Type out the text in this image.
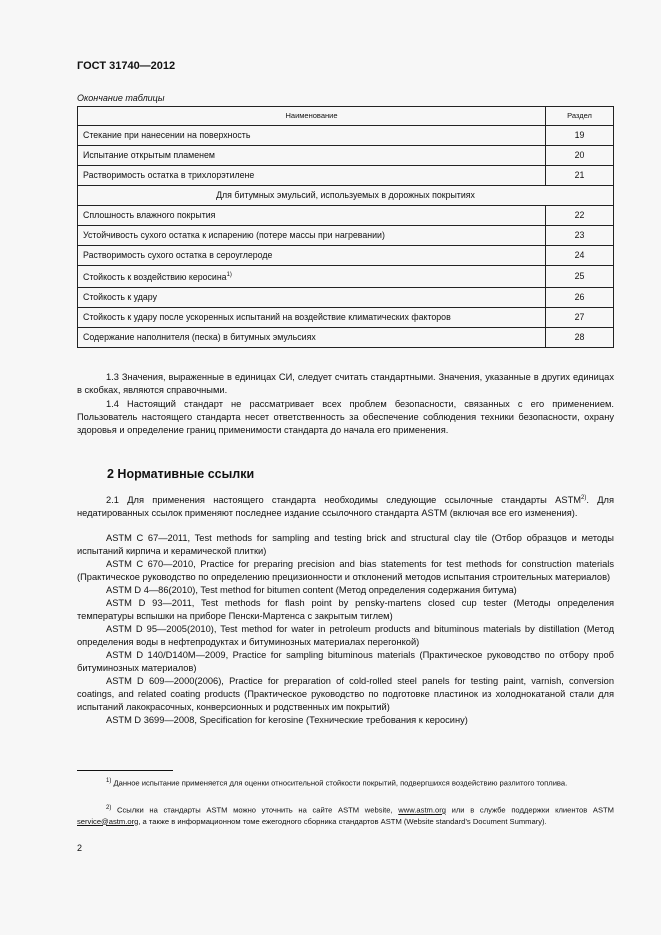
ГОСТ 31740—2012
Окончание таблицы
Наименование	Раздел
Стекание при нанесении на поверхность	19
Испытание открытым пламенем	20
Растворимость остатка в трихлорэтилене	21
Для битумных эмульсий, используемых в дорожных покрытиях	
Сплошность влажного покрытия	22
Устойчивость сухого остатка к испарению (потере массы при нагревании)	23
Растворимость сухого остатка в сероуглероде	24
Стойкость к воздействию керосина$^{1)}$	25
Стойкость к удару	26
Стойкость к удару после ускоренных испытаний на воздействие климатических факторов	27
Содержание наполнителя (песка) в битумных эмульсиях	28
1.3 Значения, выраженные в единицах СИ, следует считать стандартными. Значения, указанные в других единицах в скобках, являются справочными.
1.4 Настоящий стандарт не рассматривает всех проблем безопасности, связанных с его применением. Пользователь настоящего стандарта несет ответственность за обеспечение соблюдения техники безопасности, охрану здоровья и определение границ применимости стандарта до начала его применения.
2 Нормативные ссылки
2.1 Для применения настоящего стандарта необходимы следующие ссылочные стандарты ASTM$^{2)}$. Для недатированных ссылок применяют последнее издание ссылочного стандарта ASTM (включая все его изменения).
ASTM C 67—2011, Test methods for sampling and testing brick and structural clay tile (Отбор образцов и методы испытаний кирпича и керамической плитки)
ASTM C 670—2010, Practice for preparing precision and bias statements for test methods for construction materials (Практическое руководство по определению прецизионности и отклонений методов испытания строительных материалов)
ASTM D 4—86(2010), Test method for bitumen content (Метод определения содержания битума)
ASTM D 93—2011, Test methods for flash point by pensky-martens closed cup tester (Методы определения температуры вспышки на приборе Пенски-Мартенса с закрытым тиглем)
ASTM D 95—2005(2010), Test method for water in petroleum products and bituminous materials by distillation (Метод определения воды в нефтепродуктах и битуминозных материалах перегонкой)
ASTM D 140/D140M—2009, Practice for sampling bituminous materials (Практическое руководство по отбору проб битуминозных материалов)
ASTM D 609—2000(2006), Practice for preparation of cold-rolled steel panels for testing paint, varnish, conversion coatings, and related coating products (Практическое руководство по подготовке пластинок из холоднокатаной стали для испытаний лакокрасочных, конверсионных и родственных им покрытий)
ASTM D 3699—2008, Specification for kerosine (Технические требования к керосину)
$^{1)}$ Данное испытание применяется для оценки относительной стойкости покрытий, подвергшихся воздействию разлитого топлива.
$^{2)}$ Ссылки на стандарты ASTM можно уточнить на сайте ASTM website, www.astm.org или в службе поддержки клиентов ASTM service@astm.org, а также в информационном томе ежегодного сборника стандартов ASTM (Website standard’s Document Summary).
2
